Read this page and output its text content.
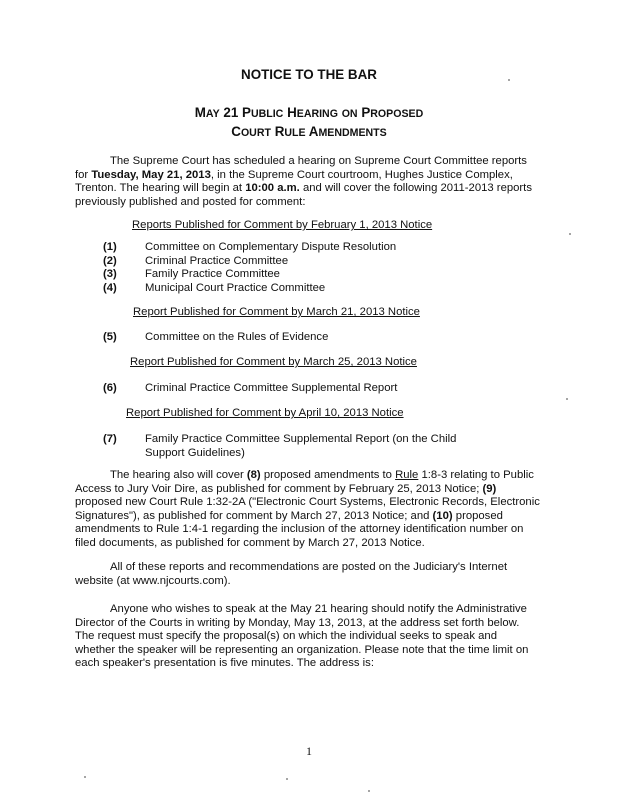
NOTICE TO THE BAR
MAY 21 PUBLIC HEARING ON PROPOSED
COURT RULE AMENDMENTS

The Supreme Court has scheduled a hearing on Supreme Court Committee reports for Tuesday, May 21, 2013, in the Supreme Court courtroom, Hughes Justice Complex, Trenton. The hearing will begin at 10:00 a.m. and will cover the following 2011-2013 reports previously published and posted for comment:

Reports Published for Comment by February 1, 2013 Notice

(1)	Committee on Complementary Dispute Resolution
(2)	Criminal Practice Committee
(3)	Family Practice Committee
(4)	Municipal Court Practice Committee

Report Published for Comment by March 21, 2013 Notice

(5)	Committee on the Rules of Evidence

Report Published for Comment by March 25, 2013 Notice

(6)	Criminal Practice Committee Supplemental Report

Report Published for Comment by April 10, 2013 Notice

(7)	Family Practice Committee Supplemental Report (on the Child Support Guidelines)

The hearing also will cover (8) proposed amendments to Rule 1:8-3 relating to Public Access to Jury Voir Dire, as published for comment by February 25, 2013 Notice; (9) proposed new Court Rule 1:32-2A ("Electronic Court Systems, Electronic Records, Electronic Signatures"), as published for comment by March 27, 2013 Notice; and (10) proposed amendments to Rule 1:4-1 regarding the inclusion of the attorney identification number on filed documents, as published for comment by March 27, 2013 Notice.

All of these reports and recommendations are posted on the Judiciary's Internet website (at www.njcourts.com).

Anyone who wishes to speak at the May 21 hearing should notify the Administrative Director of the Courts in writing by Monday, May 13, 2013, at the address set forth below. The request must specify the proposal(s) on which the individual seeks to speak and whether the speaker will be representing an organization. Please note that the time limit on each speaker's presentation is five minutes. The address is:

1
